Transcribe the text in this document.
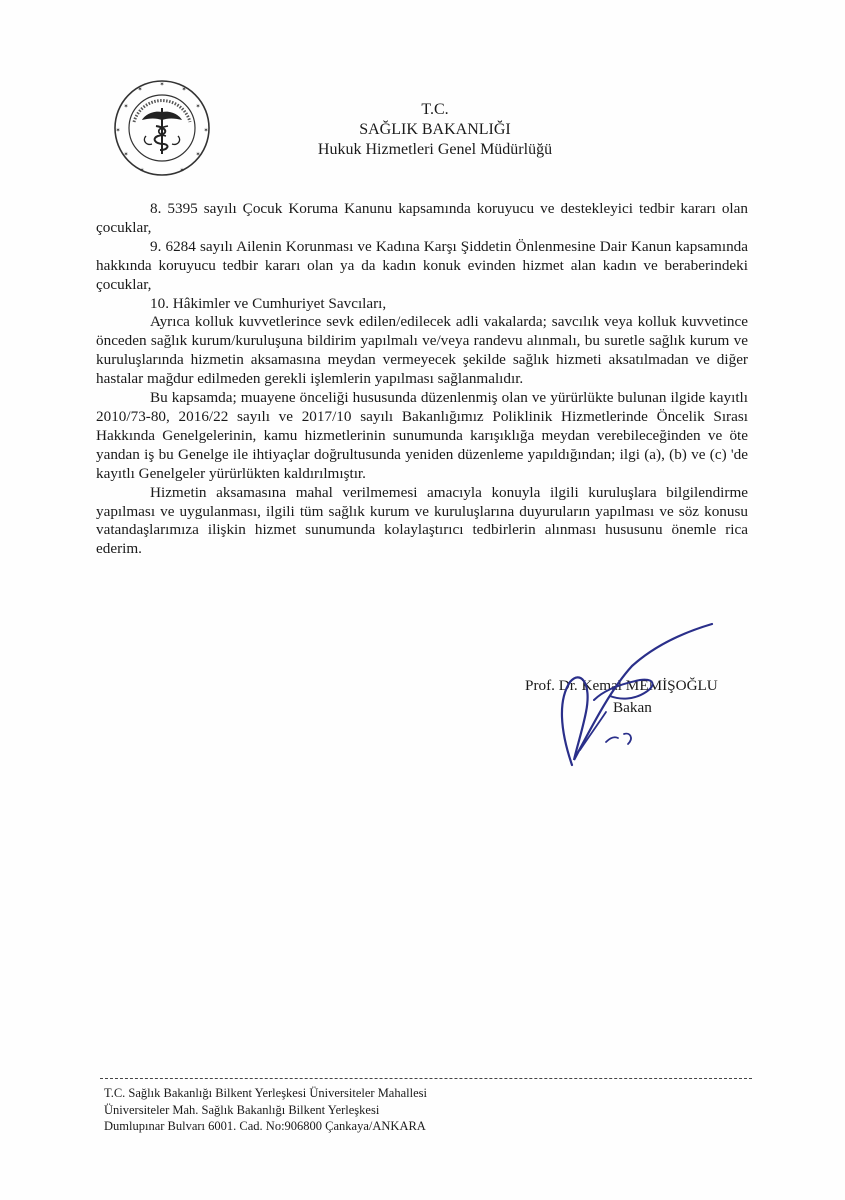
✶
✶
✶
✶
✶
✶
✶
✶
✶
✶	✶
T.C.
SAĞLIK BAKANLIĞI
Hukuk Hizmetleri Genel Müdürlüğü

8. 5395 sayılı Çocuk Koruma Kanunu kapsamında koruyucu ve destekleyici tedbir kararı olan çocuklar,

9. 6284 sayılı Ailenin Korunması ve Kadına Karşı Şiddetin Önlenmesine Dair Kanun kapsamında hakkında koruyucu tedbir kararı olan ya da kadın konuk evinden hizmet alan kadın ve beraberindeki çocuklar,

10. Hâkimler ve Cumhuriyet Savcıları,

Ayrıca kolluk kuvvetlerince sevk edilen/edilecek adli vakalarda; savcılık veya kolluk kuvvetince önceden sağlık kurum/kuruluşuna bildirim yapılmalı ve/veya randevu alınmalı, bu suretle sağlık kurum ve kuruluşlarında hizmetin aksamasına meydan vermeyecek şekilde sağlık hizmeti aksatılmadan ve diğer hastalar mağdur edilmeden gerekli işlemlerin yapılması sağlanmalıdır.

Bu kapsamda; muayene önceliği hususunda düzenlenmiş olan ve yürürlükte bulunan ilgide kayıtlı 2010/73-80, 2016/22 sayılı ve 2017/10 sayılı Bakanlığımız Poliklinik Hizmetlerinde Öncelik Sırası Hakkında Genelgelerinin, kamu hizmetlerinin sunumunda karışıklığa meydan verebileceğinden ve öte yandan iş bu Genelge ile ihtiyaçlar doğrultusunda yeniden düzenleme yapıldığından; ilgi (a), (b) ve (c) 'de kayıtlı Genelgeler yürürlükten kaldırılmıştır.

Hizmetin aksamasına mahal verilmemesi amacıyla konuyla ilgili kuruluşlara bilgilendirme yapılması ve uygulanması, ilgili tüm sağlık kurum ve kuruluşlarına duyuruların yapılması ve söz konusu vatandaşlarımıza ilişkin hizmet sunumunda kolaylaştırıcı tedbirlerin alınması hususunu önemle rica ederim.

Prof. Dr. Kemal MEMİŞOĞLU
Bakan
T.C. Sağlık Bakanlığı Bilkent Yerleşkesi Üniversiteler Mahallesi
Üniversiteler Mah. Sağlık Bakanlığı Bilkent Yerleşkesi
Dumlupınar Bulvarı 6001. Cad. No:906800 Çankaya/ANKARA
